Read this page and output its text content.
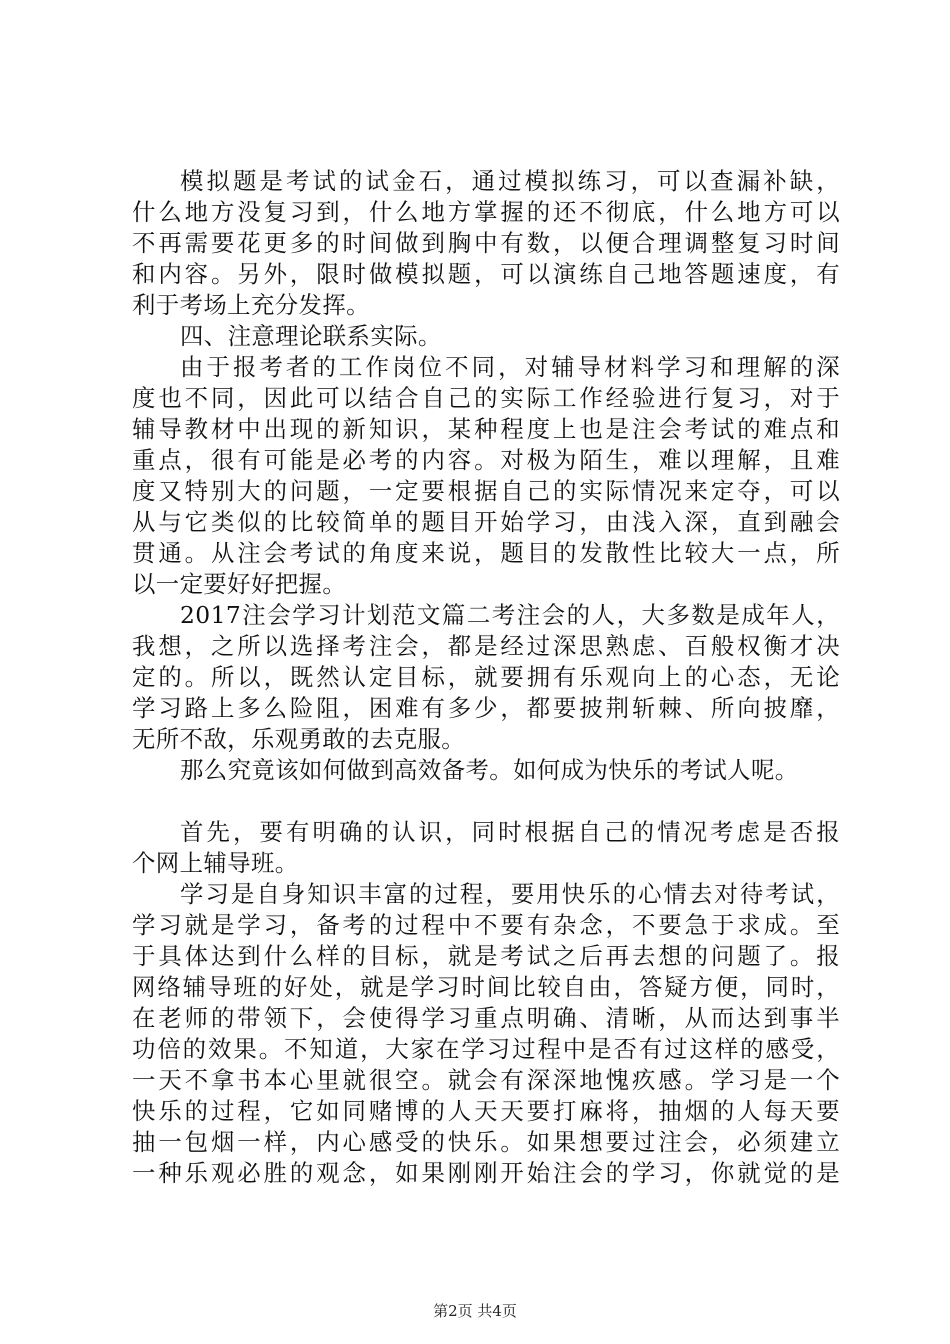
模拟题是考试的试金石，通过模拟练习，可以查漏补缺，
什么地方没复习到，什么地方掌握的还不彻底，什么地方可以
不再需要花更多的时间做到胸中有数，以便合理调整复习时间
和内容。另外，限时做模拟题，可以演练自己地答题速度，有
利于考场上充分发挥。
四、注意理论联系实际。
由于报考者的工作岗位不同，对辅导材料学习和理解的深
度也不同，因此可以结合自己的实际工作经验进行复习，对于
辅导教材中出现的新知识，某种程度上也是注会考试的难点和
重点，很有可能是必考的内容。对极为陌生，难以理解，且难
度又特别大的问题，一定要根据自己的实际情况来定夺，可以
从与它类似的比较简单的题目开始学习，由浅入深，直到融会
贯通。从注会考试的角度来说，题目的发散性比较大一点，所
以一定要好好把握。
2017注会学习计划范文篇二考注会的人，大多数是成年人，
我想，之所以选择考注会，都是经过深思熟虑、百般权衡才决
定的。所以，既然认定目标，就要拥有乐观向上的心态，无论
学习路上多么险阻，困难有多少，都要披荆斩棘、所向披靡，
无所不敌，乐观勇敢的去克服。
那么究竟该如何做到高效备考。如何成为快乐的考试人呢。
首先，要有明确的认识，同时根据自己的情况考虑是否报
个网上辅导班。
学习是自身知识丰富的过程，要用快乐的心情去对待考试，
学习就是学习，备考的过程中不要有杂念，不要急于求成。至
于具体达到什么样的目标，就是考试之后再去想的问题了。报
网络辅导班的好处，就是学习时间比较自由，答疑方便，同时，
在老师的带领下，会使得学习重点明确、清晰，从而达到事半
功倍的效果。不知道，大家在学习过程中是否有过这样的感受，
一天不拿书本心里就很空。就会有深深地愧疚感。学习是一个
快乐的过程，它如同赌博的人天天要打麻将，抽烟的人每天要
抽一包烟一样，内心感受的快乐。如果想要过注会，必须建立
一种乐观必胜的观念，如果刚刚开始注会的学习，你就觉的是
第2页 共4页
